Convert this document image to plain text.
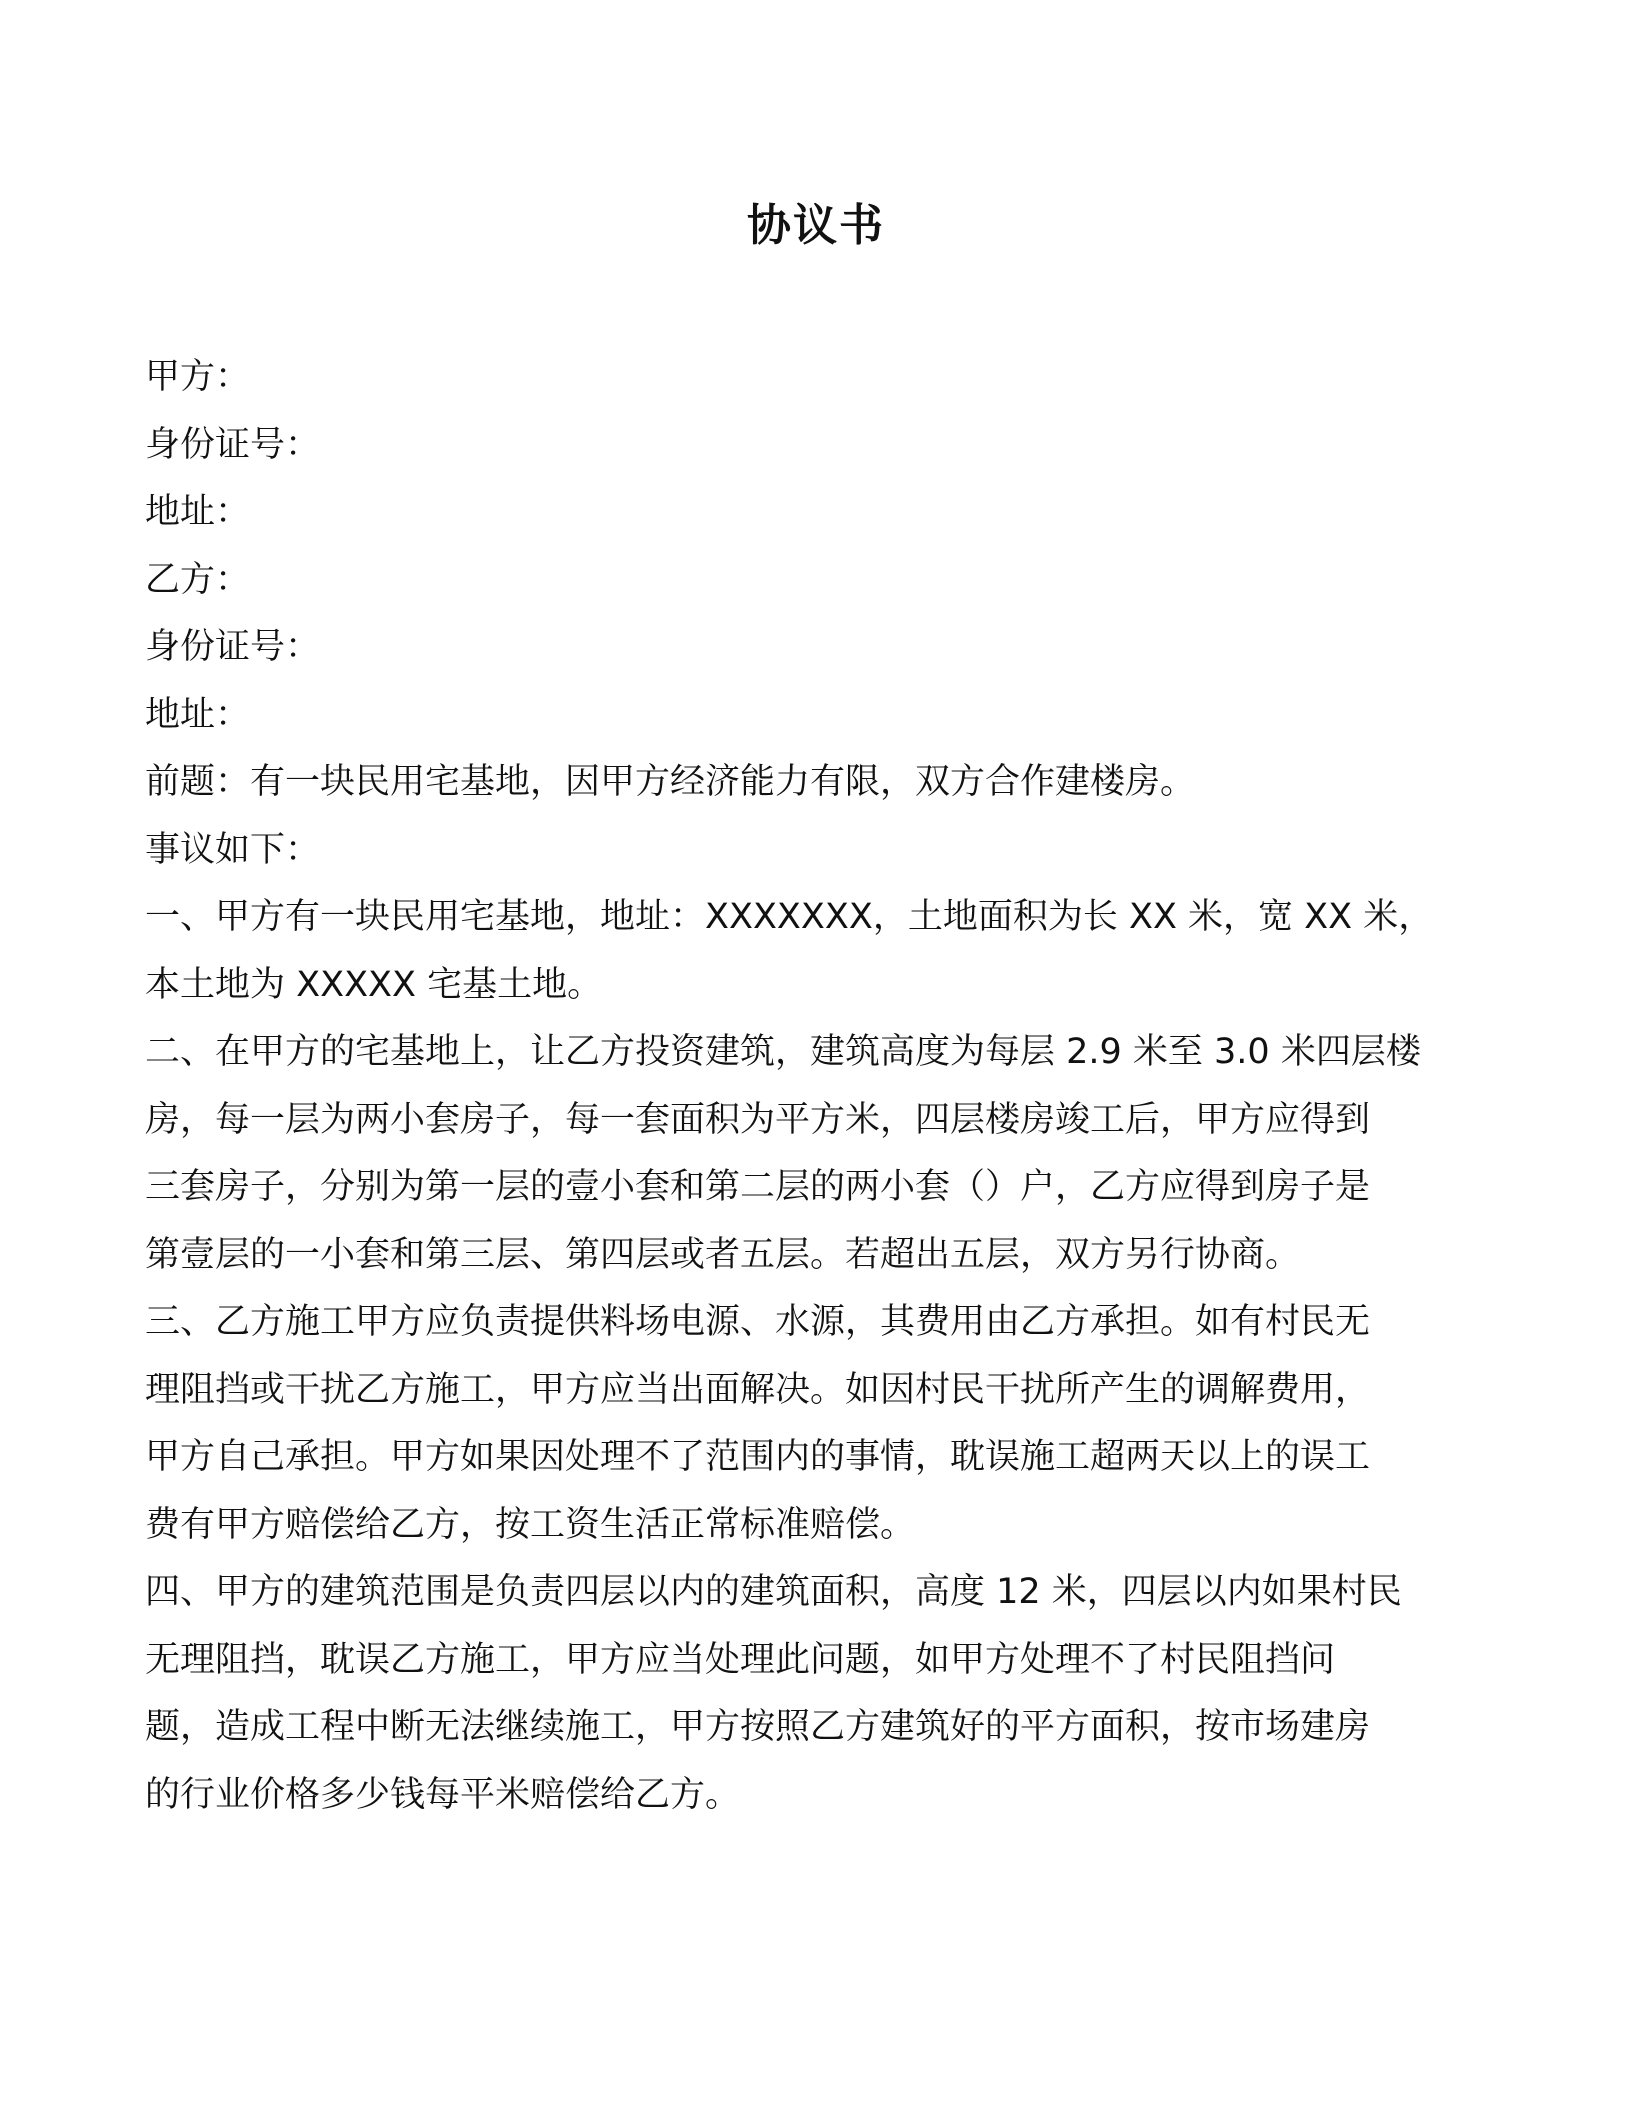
协议书

甲方：

身份证号：

地址：

乙方：

身份证号：

地址：

前题：有一块民用宅基地，因甲方经济能力有限，双方合作建楼房。

事议如下：

一、甲方有一块民用宅基地，地址：XXXXXXX，土地面积为长 XX 米，宽 XX 米，

本土地为 XXXXX 宅基土地。

二、在甲方的宅基地上，让乙方投资建筑，建筑高度为每层 2.9 米至 3.0 米四层楼

房，每一层为两小套房子，每一套面积为平方米，四层楼房竣工后，甲方应得到

三套房子，分别为第一层的壹小套和第二层的两小套（）户，乙方应得到房子是

第壹层的一小套和第三层、第四层或者五层。若超出五层，双方另行协商。

三、乙方施工甲方应负责提供料场电源、水源，其费用由乙方承担。如有村民无

理阻挡或干扰乙方施工，甲方应当出面解决。如因村民干扰所产生的调解费用，

甲方自己承担。甲方如果因处理不了范围内的事情，耽误施工超两天以上的误工

费有甲方赔偿给乙方，按工资生活正常标准赔偿。

四、甲方的建筑范围是负责四层以内的建筑面积，高度 12 米，四层以内如果村民

无理阻挡，耽误乙方施工，甲方应当处理此问题，如甲方处理不了村民阻挡问

题，造成工程中断无法继续施工，甲方按照乙方建筑好的平方面积，按市场建房

的行业价格多少钱每平米赔偿给乙方。
